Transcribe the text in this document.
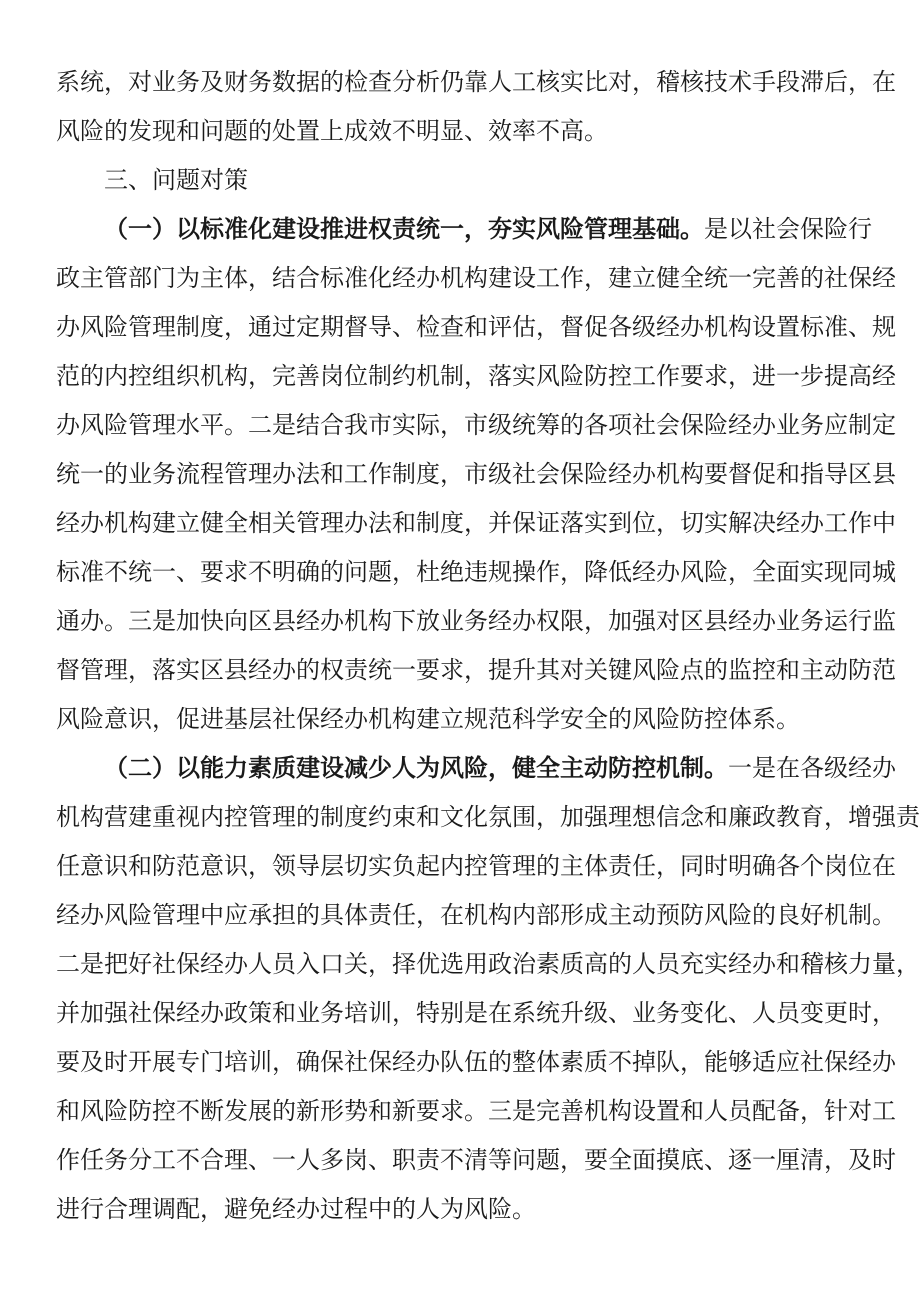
系统，对业务及财务数据的检查分析仍靠人工核实比对，稽核技术手段滞后，在
风险的发现和问题的处置上成效不明显、效率不高。
三、问题对策
（一）以标准化建设推进权责统一，夯实风险管理基础。是以社会保险行
政主管部门为主体，结合标准化经办机构建设工作，建立健全统一完善的社保经
办风险管理制度，通过定期督导、检查和评估，督促各级经办机构设置标准、规
范的内控组织机构，完善岗位制约机制，落实风险防控工作要求，进一步提高经
办风险管理水平。二是结合我市实际，市级统筹的各项社会保险经办业务应制定
统一的业务流程管理办法和工作制度，市级社会保险经办机构要督促和指导区县
经办机构建立健全相关管理办法和制度，并保证落实到位，切实解决经办工作中
标准不统一、要求不明确的问题，杜绝违规操作，降低经办风险，全面实现同城
通办。三是加快向区县经办机构下放业务经办权限，加强对区县经办业务运行监
督管理，落实区县经办的权责统一要求，提升其对关键风险点的监控和主动防范
风险意识，促进基层社保经办机构建立规范科学安全的风险防控体系。
（二）以能力素质建设减少人为风险，健全主动防控机制。一是在各级经办
机构营建重视内控管理的制度约束和文化氛围，加强理想信念和廉政教育，增强责
任意识和防范意识，领导层切实负起内控管理的主体责任，同时明确各个岗位在
经办风险管理中应承担的具体责任，在机构内部形成主动预防风险的良好机制。
二是把好社保经办人员入口关，择优选用政治素质高的人员充实经办和稽核力量，
并加强社保经办政策和业务培训，特别是在系统升级、业务变化、人员变更时，
要及时开展专门培训，确保社保经办队伍的整体素质不掉队，能够适应社保经办
和风险防控不断发展的新形势和新要求。三是完善机构设置和人员配备，针对工
作任务分工不合理、一人多岗、职责不清等问题，要全面摸底、逐一厘清，及时
进行合理调配，避免经办过程中的人为风险。
